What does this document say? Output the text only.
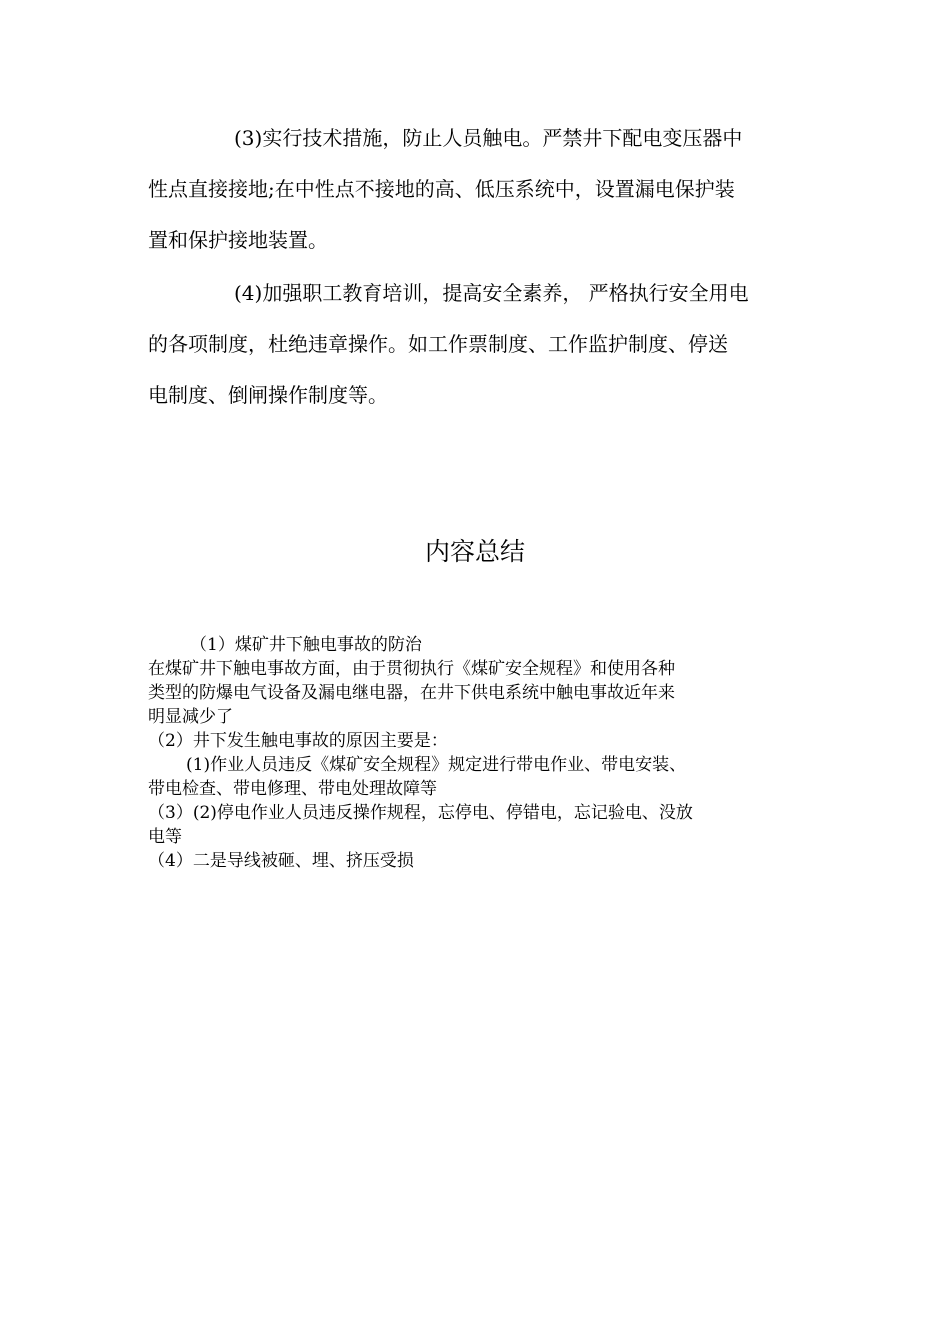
(3)实行技术措施，防止人员触电。严禁井下配电变压器中
性点直接接地;在中性点不接地的高、低压系统中，设置漏电保护装
置和保护接地装置。
(4)加强职工教育培训，提高安全素养， 严格执行安全用电
的各项制度，杜绝违章操作。如工作票制度、工作监护制度、停送
电制度、倒闸操作制度等。
内容总结
（1）煤矿井下触电事故的防治
在煤矿井下触电事故方面，由于贯彻执行《煤矿安全规程》和使用各种
类型的防爆电气设备及漏电继电器，在井下供电系统中触电事故近年来
明显减少了
（2）井下发生触电事故的原因主要是：
(1)作业人员违反《煤矿安全规程》规定进行带电作业、带电安装、
带电检查、带电修理、带电处理故障等
（3）(2)停电作业人员违反操作规程，忘停电、停错电，忘记验电、没放
电等
（4）二是导线被砸、埋、挤压受损
